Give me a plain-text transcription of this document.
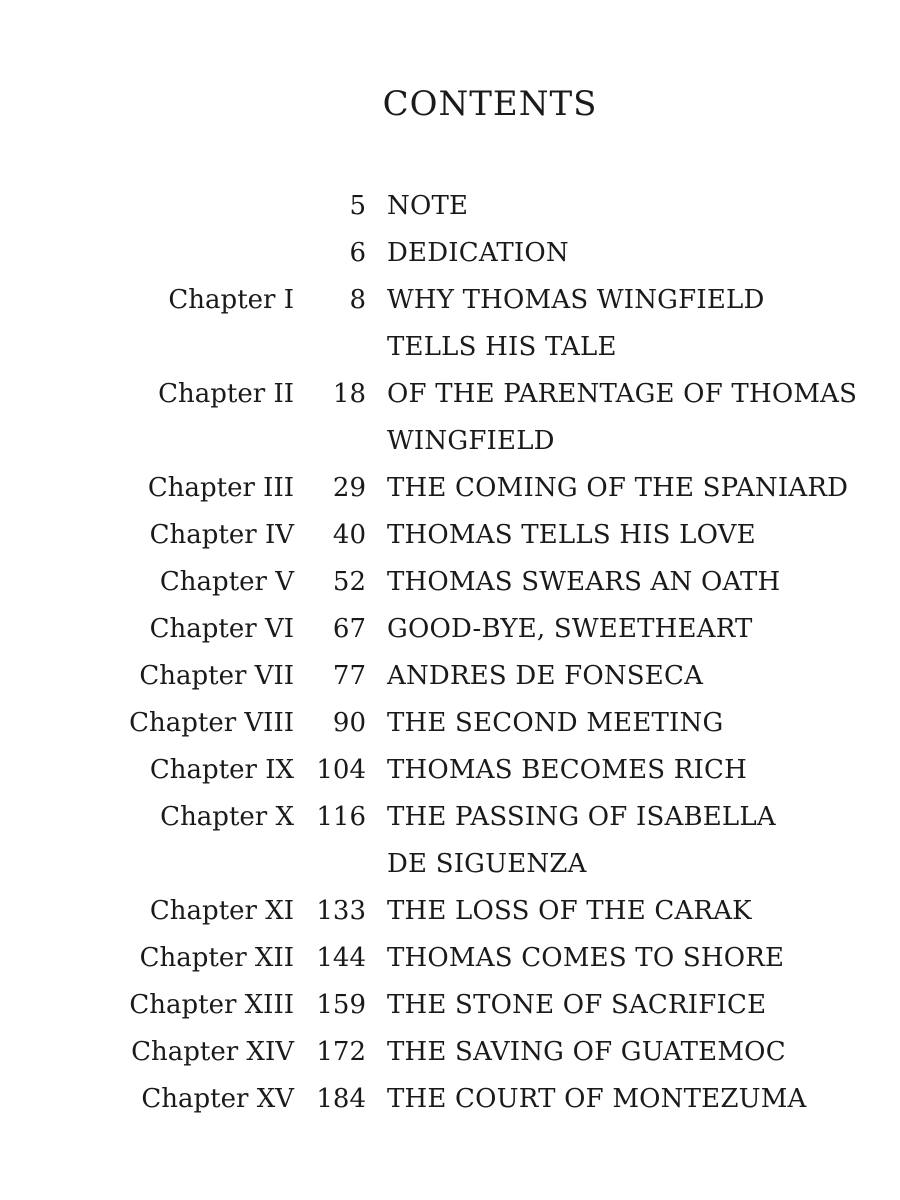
CONTENTS
5 NOTE
6 DEDICATION
Chapter I	8 WHY THOMAS WINGFIELD TELLS HIS TALE
Chapter II	18 OF THE PARENTAGE OF THOMAS WINGFIELD
Chapter III	29 THE COMING OF THE SPANIARD
Chapter IV	40 THOMAS TELLS HIS LOVE
Chapter V	52 THOMAS SWEARS AN OATH
Chapter VI	67 GOOD-BYE, SWEETHEART
Chapter VII	77 ANDRES DE FONSECA
Chapter VIII	90 THE SECOND MEETING
Chapter IX 104 THOMAS BECOMES RICH
Chapter X 116 THE PASSING OF ISABELLA DE SIGUENZA
Chapter XI 133 THE LOSS OF THE CARAK
Chapter XII 144 THOMAS COMES TO SHORE
Chapter XIII 159 THE STONE OF SACRIFICE
Chapter XIV 172 THE SAVING OF GUATEMOC
Chapter XV 184 THE COURT OF MONTEZUMA
